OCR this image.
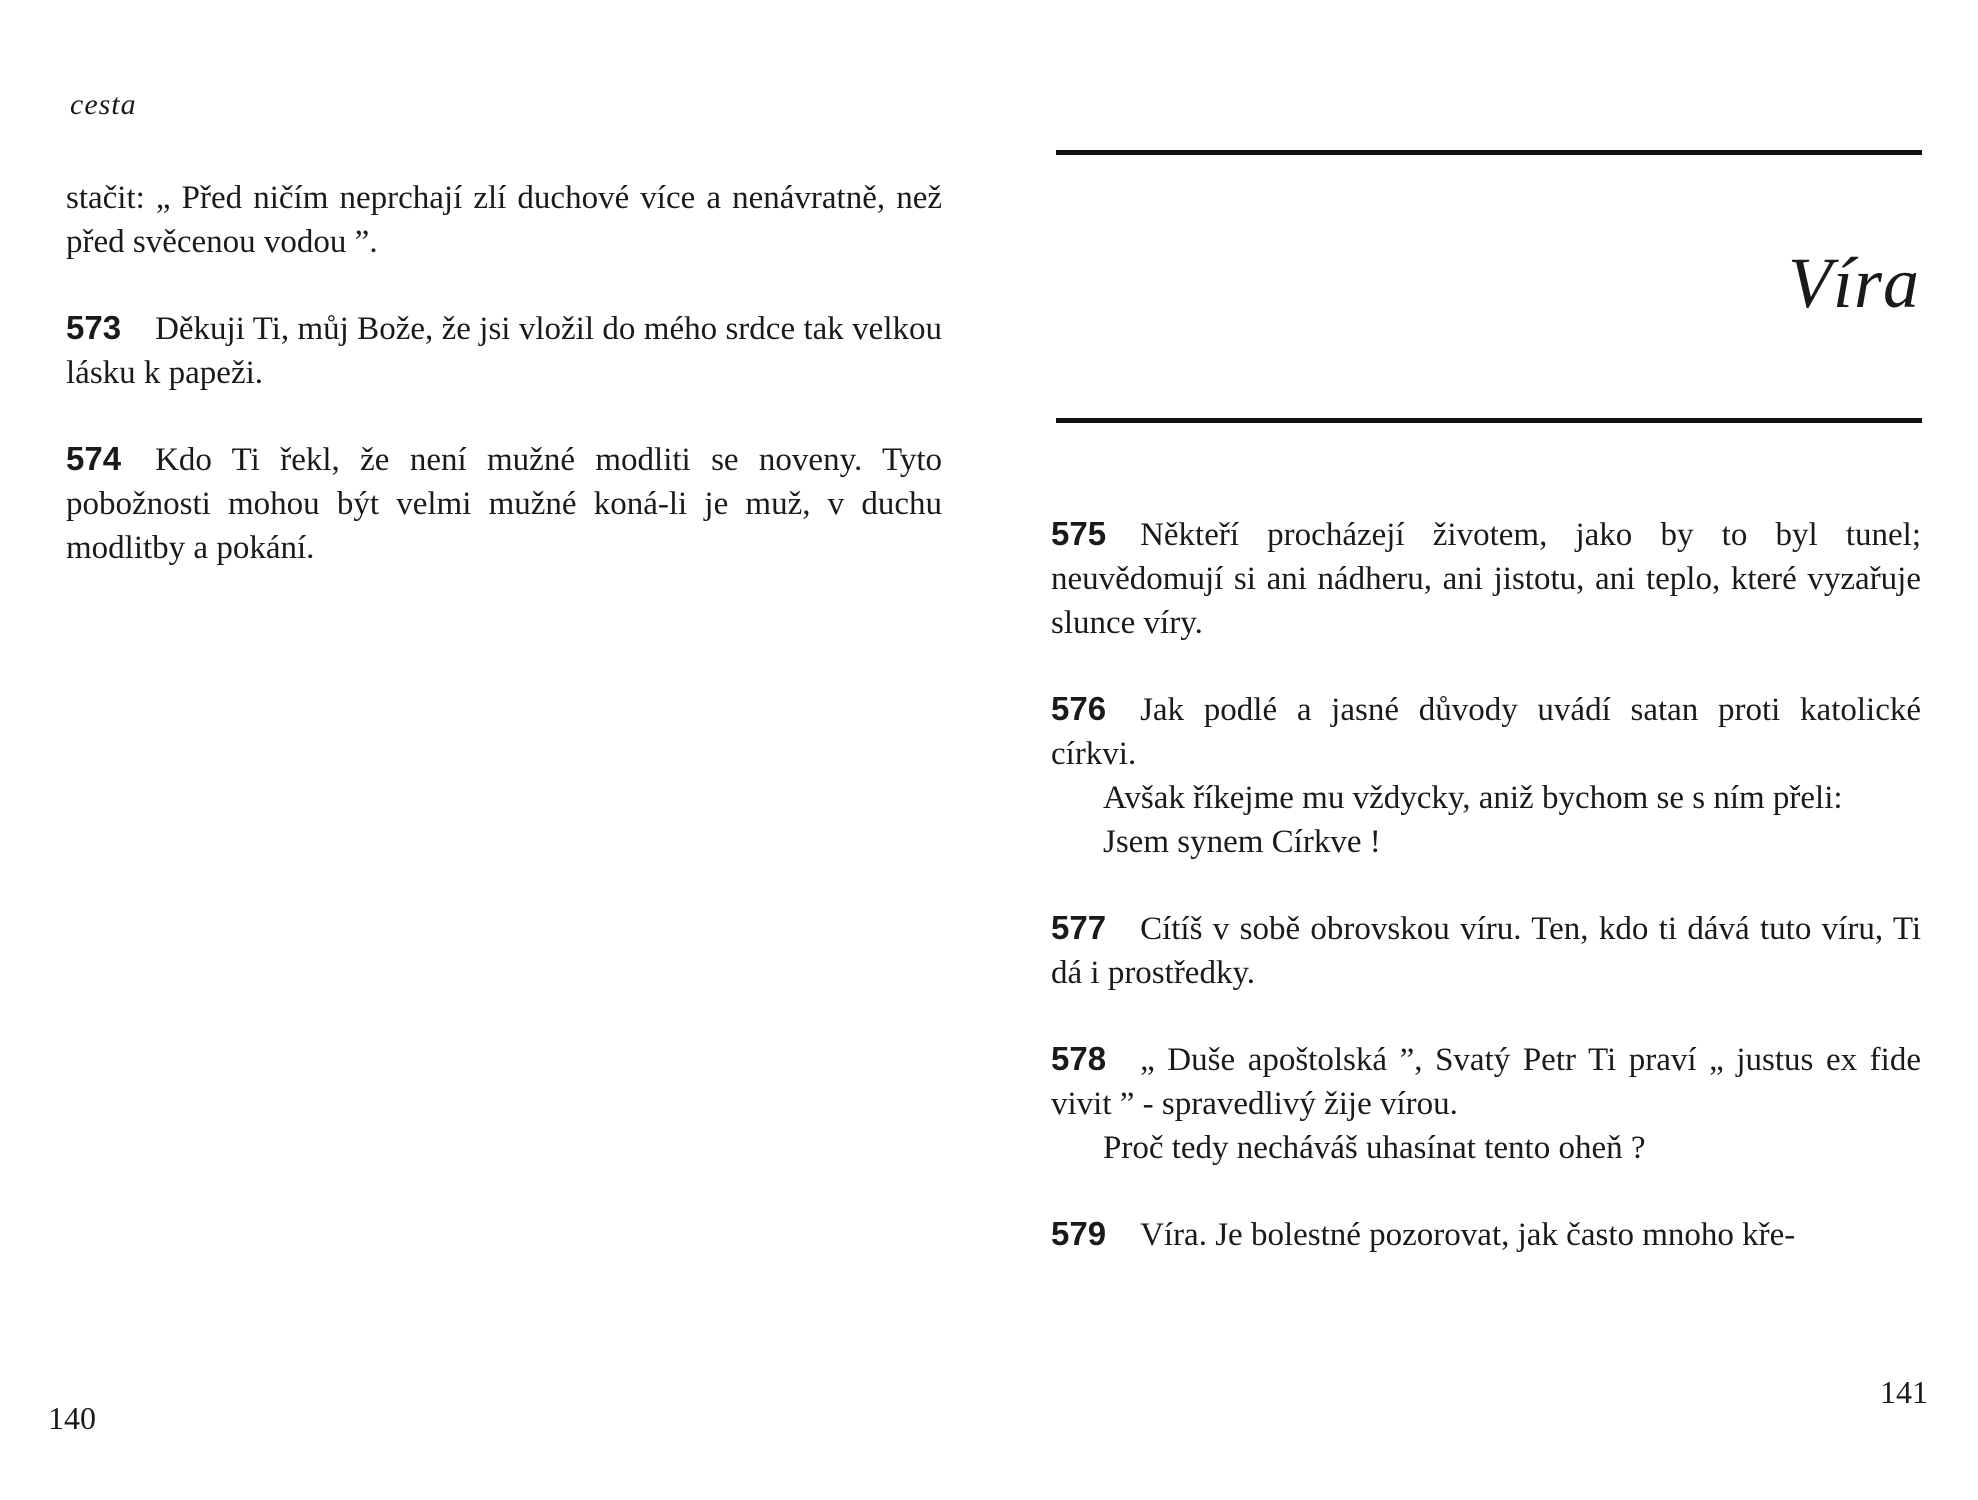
cesta

stačit: „ Před ničím neprchají zlí duchové více a nenávratně, než před svěcenou vodou ”.

573 Děkuji Ti, můj Bože, že jsi vložil do mého srdce tak velkou lásku k papeži.

574 Kdo Ti řekl, že není mužné modliti se noveny. Tyto pobožnosti mohou být velmi mužné koná-li je muž, v duchu modlitby a pokání.

140
Víra

575 Někteří procházejí životem, jako by to byl tunel; neuvědomují si ani nádheru, ani jistotu, ani teplo, které vyzařuje slunce víry.

576 Jak podlé a jasné důvody uvádí satan proti katolické církvi.

Avšak říkejme mu vždycky, aniž bychom se s ním přeli:

Jsem synem Církve !

577 Cítíš v sobě obrovskou víru. Ten, kdo ti dává tuto víru, Ti dá i prostředky.

578 „ Duše apoštolská ”, Svatý Petr Ti praví „ justus ex fide vivit ” - spravedlivý žije vírou.

Proč tedy necháváš uhasínat tento oheň ?

579 Víra. Je bolestné pozorovat, jak často mnoho kře-

141
